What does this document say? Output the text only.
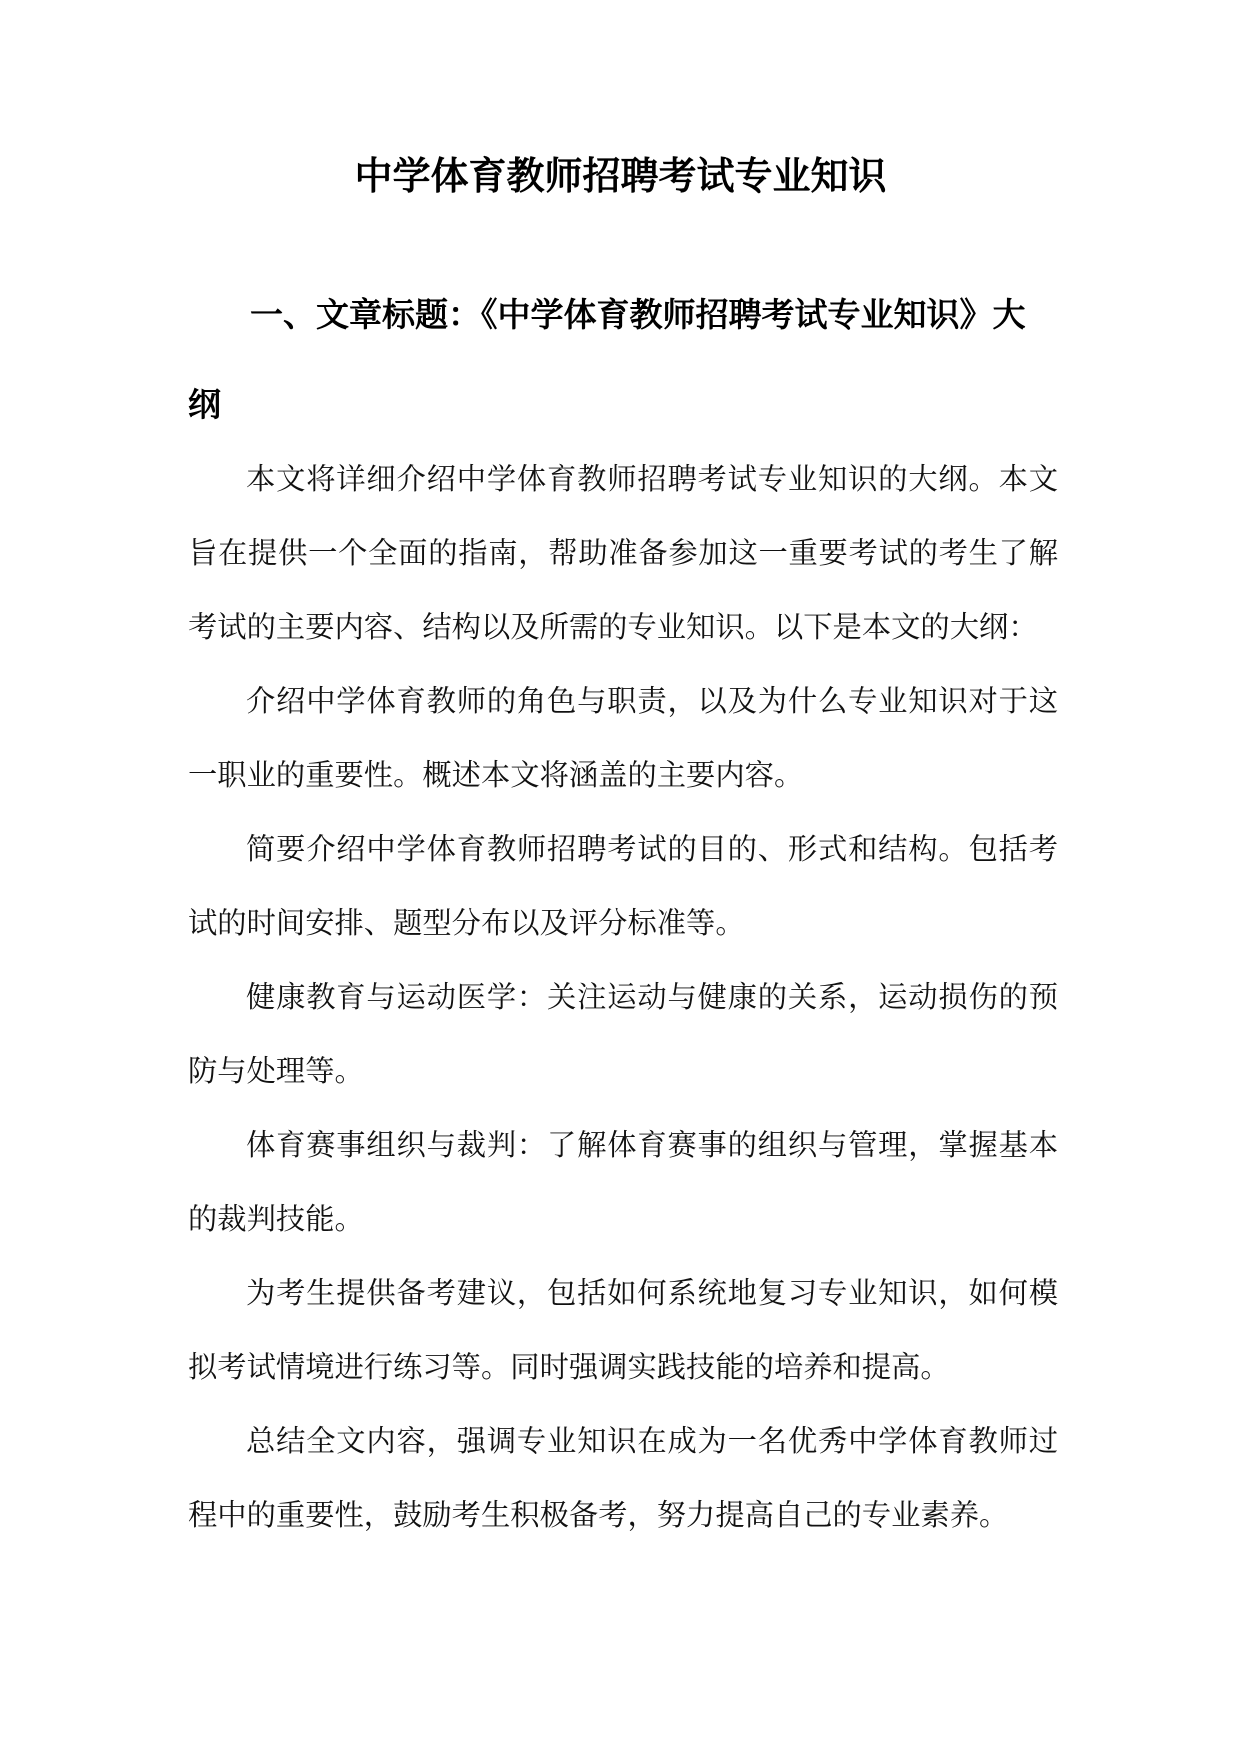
中学体育教师招聘考试专业知识
一、文章标题：《中学体育教师招聘考试专业知识》大纲

本文将详细介绍中学体育教师招聘考试专业知识的大纲。本文旨在提供一个全面的指南，帮助准备参加这一重要考试的考生了解考试的主要内容、结构以及所需的专业知识。以下是本文的大纲：

介绍中学体育教师的角色与职责，以及为什么专业知识对于这一职业的重要性。概述本文将涵盖的主要内容。

简要介绍中学体育教师招聘考试的目的、形式和结构。包括考试的时间安排、题型分布以及评分标准等。

健康教育与运动医学：关注运动与健康的关系，运动损伤的预防与处理等。

体育赛事组织与裁判：了解体育赛事的组织与管理，掌握基本的裁判技能。

为考生提供备考建议，包括如何系统地复习专业知识，如何模拟考试情境进行练习等。同时强调实践技能的培养和提高。

总结全文内容，强调专业知识在成为一名优秀中学体育教师过程中的重要性，鼓励考生积极备考，努力提高自己的专业素养。
